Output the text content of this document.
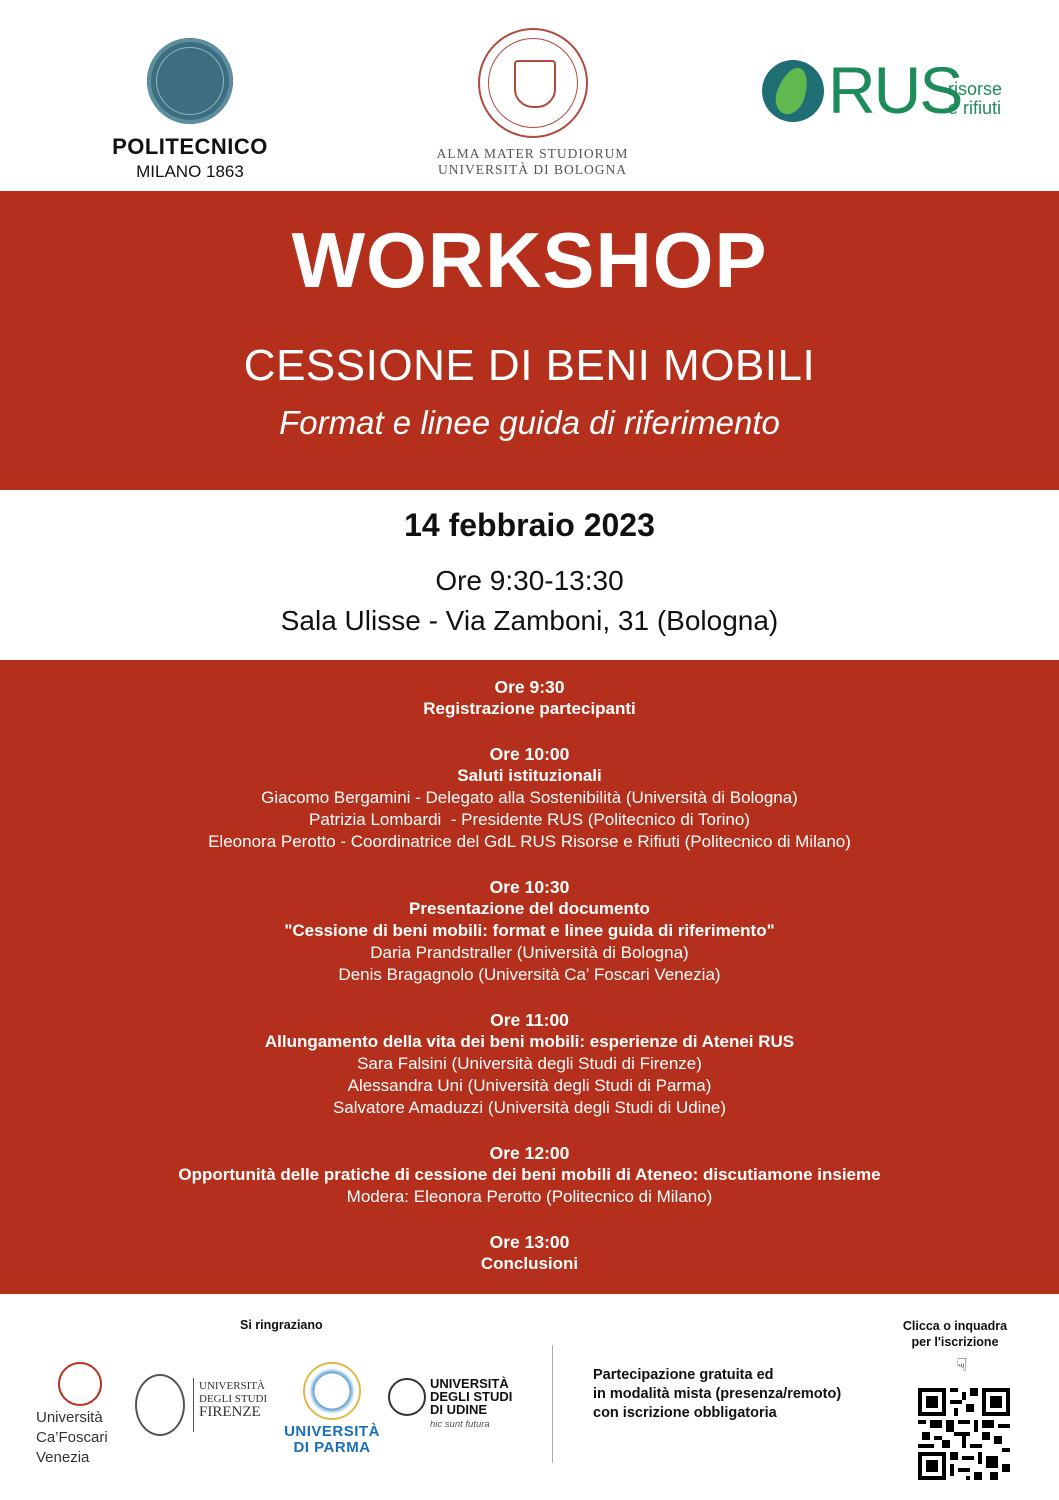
POLITECNICO
MILANO 1863
ALMA MATER STUDIORUM
UNIVERSITÀ DI BOLOGNA
RUS
risorse
e rifiuti
WORKSHOP
CESSIONE DI BENI MOBILI
Format e linee guida di riferimento
14 febbraio 2023
Ore 9:30-13:30
Sala Ulisse - Via Zamboni, 31 (Bologna)
Ore 9:30
Registrazione partecipanti
Ore 10:00
Saluti istituzionali
Giacomo Bergamini - Delegato alla Sostenibilità (Università di Bologna)
Patrizia Lombardi  - Presidente RUS (Politecnico di Torino)
Eleonora Perotto - Coordinatrice del GdL RUS Risorse e Rifiuti (Politecnico di Milano)
Ore 10:30
Presentazione del documento
"Cessione di beni mobili: format e linee guida di riferimento"
Daria Prandstraller (Università di Bologna)
Denis Bragagnolo (Università Ca' Foscari Venezia)
Ore 11:00
Allungamento della vita dei beni mobili: esperienze di Atenei RUS
Sara Falsini (Università degli Studi di Firenze)
Alessandra Uni (Università degli Studi di Parma)
Salvatore Amaduzzi (Università degli Studi di Udine)
Ore 12:00
Opportunità delle pratiche di cessione dei beni mobili di Ateneo: discutiamone insieme
Modera: Eleonora Perotto (Politecnico di Milano)
Ore 13:00
Conclusioni
Si ringraziano
Università
Ca’Foscari
Venezia
UNIVERSITÀ
DEGLI STUDI
FIRENZE
UNIVERSITÀ
DI PARMA
UNIVERSITÀ
DEGLI STUDI
DI UDINE
hic sunt futura
Partecipazione gratuita ed
in modalità mista (presenza/remoto)
con iscrizione obbligatoria
Clicca o inquadra
per l'iscrizione
☟
